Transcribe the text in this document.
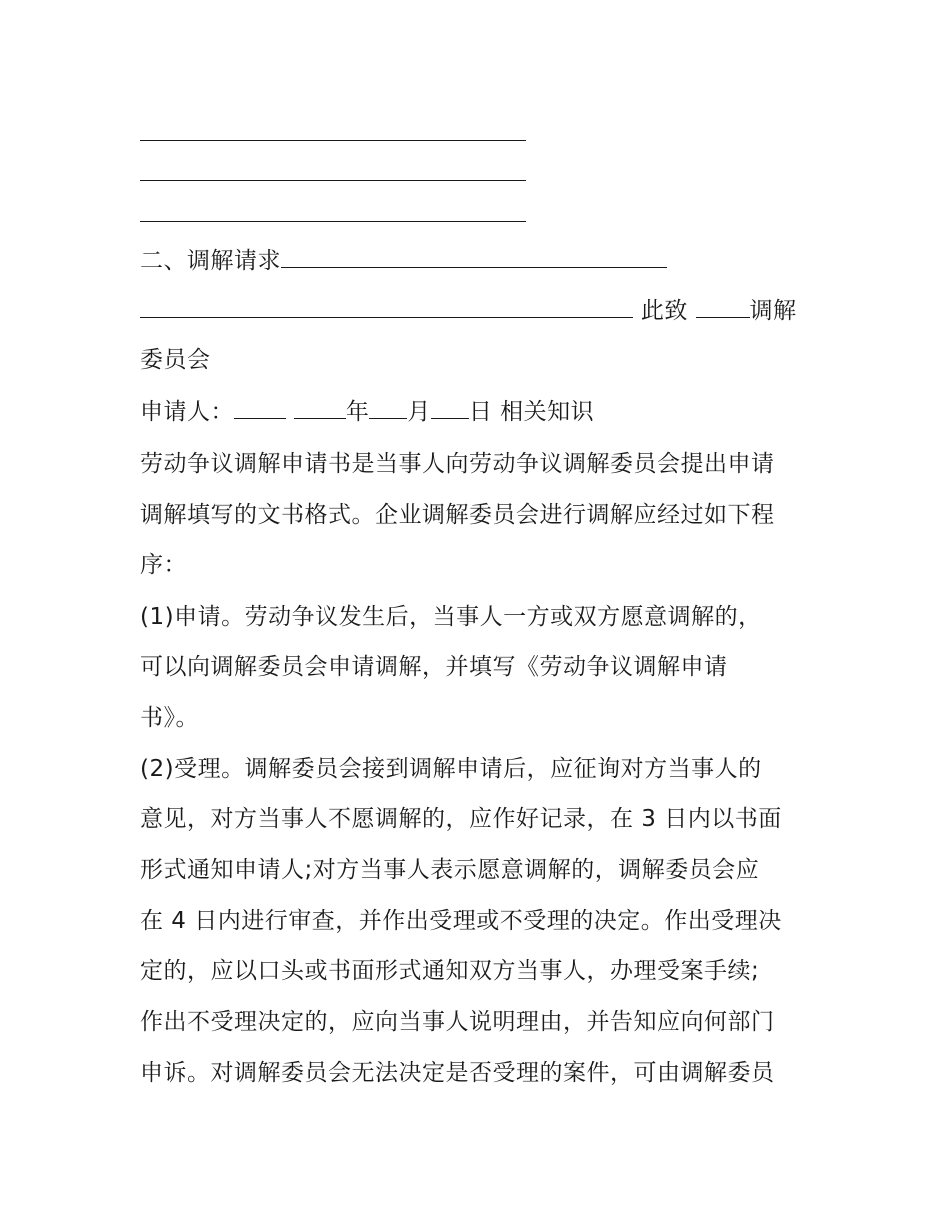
二、调解请求
此致	调解
委员会
申请人：	年 月 日 相关知识
劳动争议调解申请书是当事人向劳动争议调解委员会提出申请
调解填写的文书格式。企业调解委员会进行调解应经过如下程
序：
(1)申请。劳动争议发生后，当事人一方或双方愿意调解的，
可以向调解委员会申请调解，并填写《劳动争议调解申请
书》。
(2)受理。调解委员会接到调解申请后，应征询对方当事人的
意见，对方当事人不愿调解的，应作好记录，在 3 日内以书面
形式通知申请人;对方当事人表示愿意调解的，调解委员会应
在 4 日内进行审查，并作出受理或不受理的决定。作出受理决
定的，应以口头或书面形式通知双方当事人，办理受案手续;
作出不受理决定的，应向当事人说明理由，并告知应向何部门
申诉。对调解委员会无法决定是否受理的案件，可由调解委员
